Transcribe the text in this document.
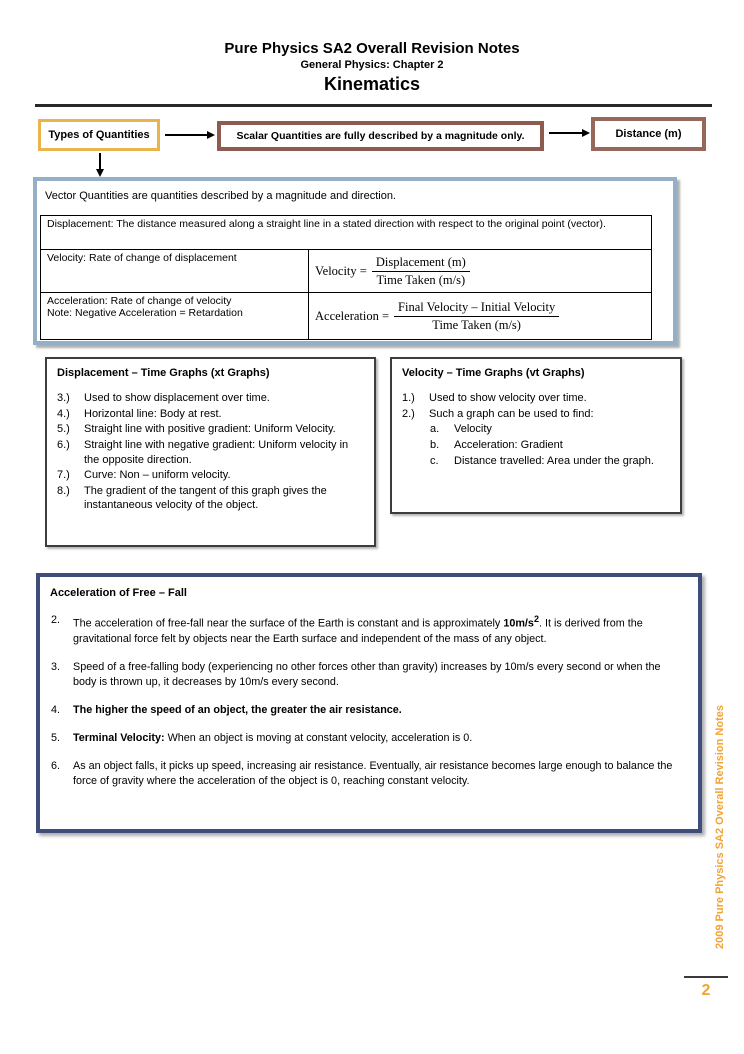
Pure Physics SA2 Overall Revision Notes
General Physics: Chapter 2
Kinematics
Types of Quantities	Scalar Quantities are fully described by a magnitude only.	Distance (m)
Vector Quantities are quantities described by a magnitude and direction.
Displacement: The distance measured along a straight line in a stated direction with respect to the original point (vector).	
Velocity: Rate of change of displacement	Velocity = $\frac{\text{Displacement (m)}}{\text{Time Taken (m/s)}}$

Acceleration: Rate of change of velocity
Note: Negative Acceleration = Retardation	Acceleration = $\frac{\text{Final Velocity – Initial Velocity}}{\text{Time Taken (m/s)}}$
Displacement – Time Graphs (xt Graphs)
3.)	Used to show displacement over time.
4.)	Horizontal line: Body at rest.
5.)	Straight line with positive gradient: Uniform Velocity.
6.)	Straight line with negative gradient: Uniform velocity in the opposite direction.
7.)	Curve: Non – uniform velocity.
8.)	The gradient of the tangent of this graph gives the instantaneous velocity of the object.
Velocity – Time Graphs (vt Graphs)
1.)	Used to show velocity over time.
2.)	Such a graph can be used to find:
a.	Velocity
b.	Acceleration: Gradient
c.	Distance travelled: Area under the graph.
Acceleration of Free – Fall
2.	The acceleration of free-fall near the surface of the Earth is constant and is approximately $10m/s^2$. It is derived from the gravitational force felt by objects near the Earth surface and independent of the mass of any object.
3.	Speed of a free-falling body (experiencing no other forces other than gravity) increases by 10m/s every second or when the body is thrown up, it decreases by 10m/s every second.
4.	The higher the speed of an object, the greater the air resistance.
5.	Terminal Velocity: When an object is moving at constant velocity, acceleration is 0.
6.	As an object falls, it picks up speed, increasing air resistance. Eventually, air resistance becomes large enough to balance the force of gravity where the acceleration of the object is 0, reaching constant velocity.	2009 Pure Physics SA2 Overall Revision Notes
2
